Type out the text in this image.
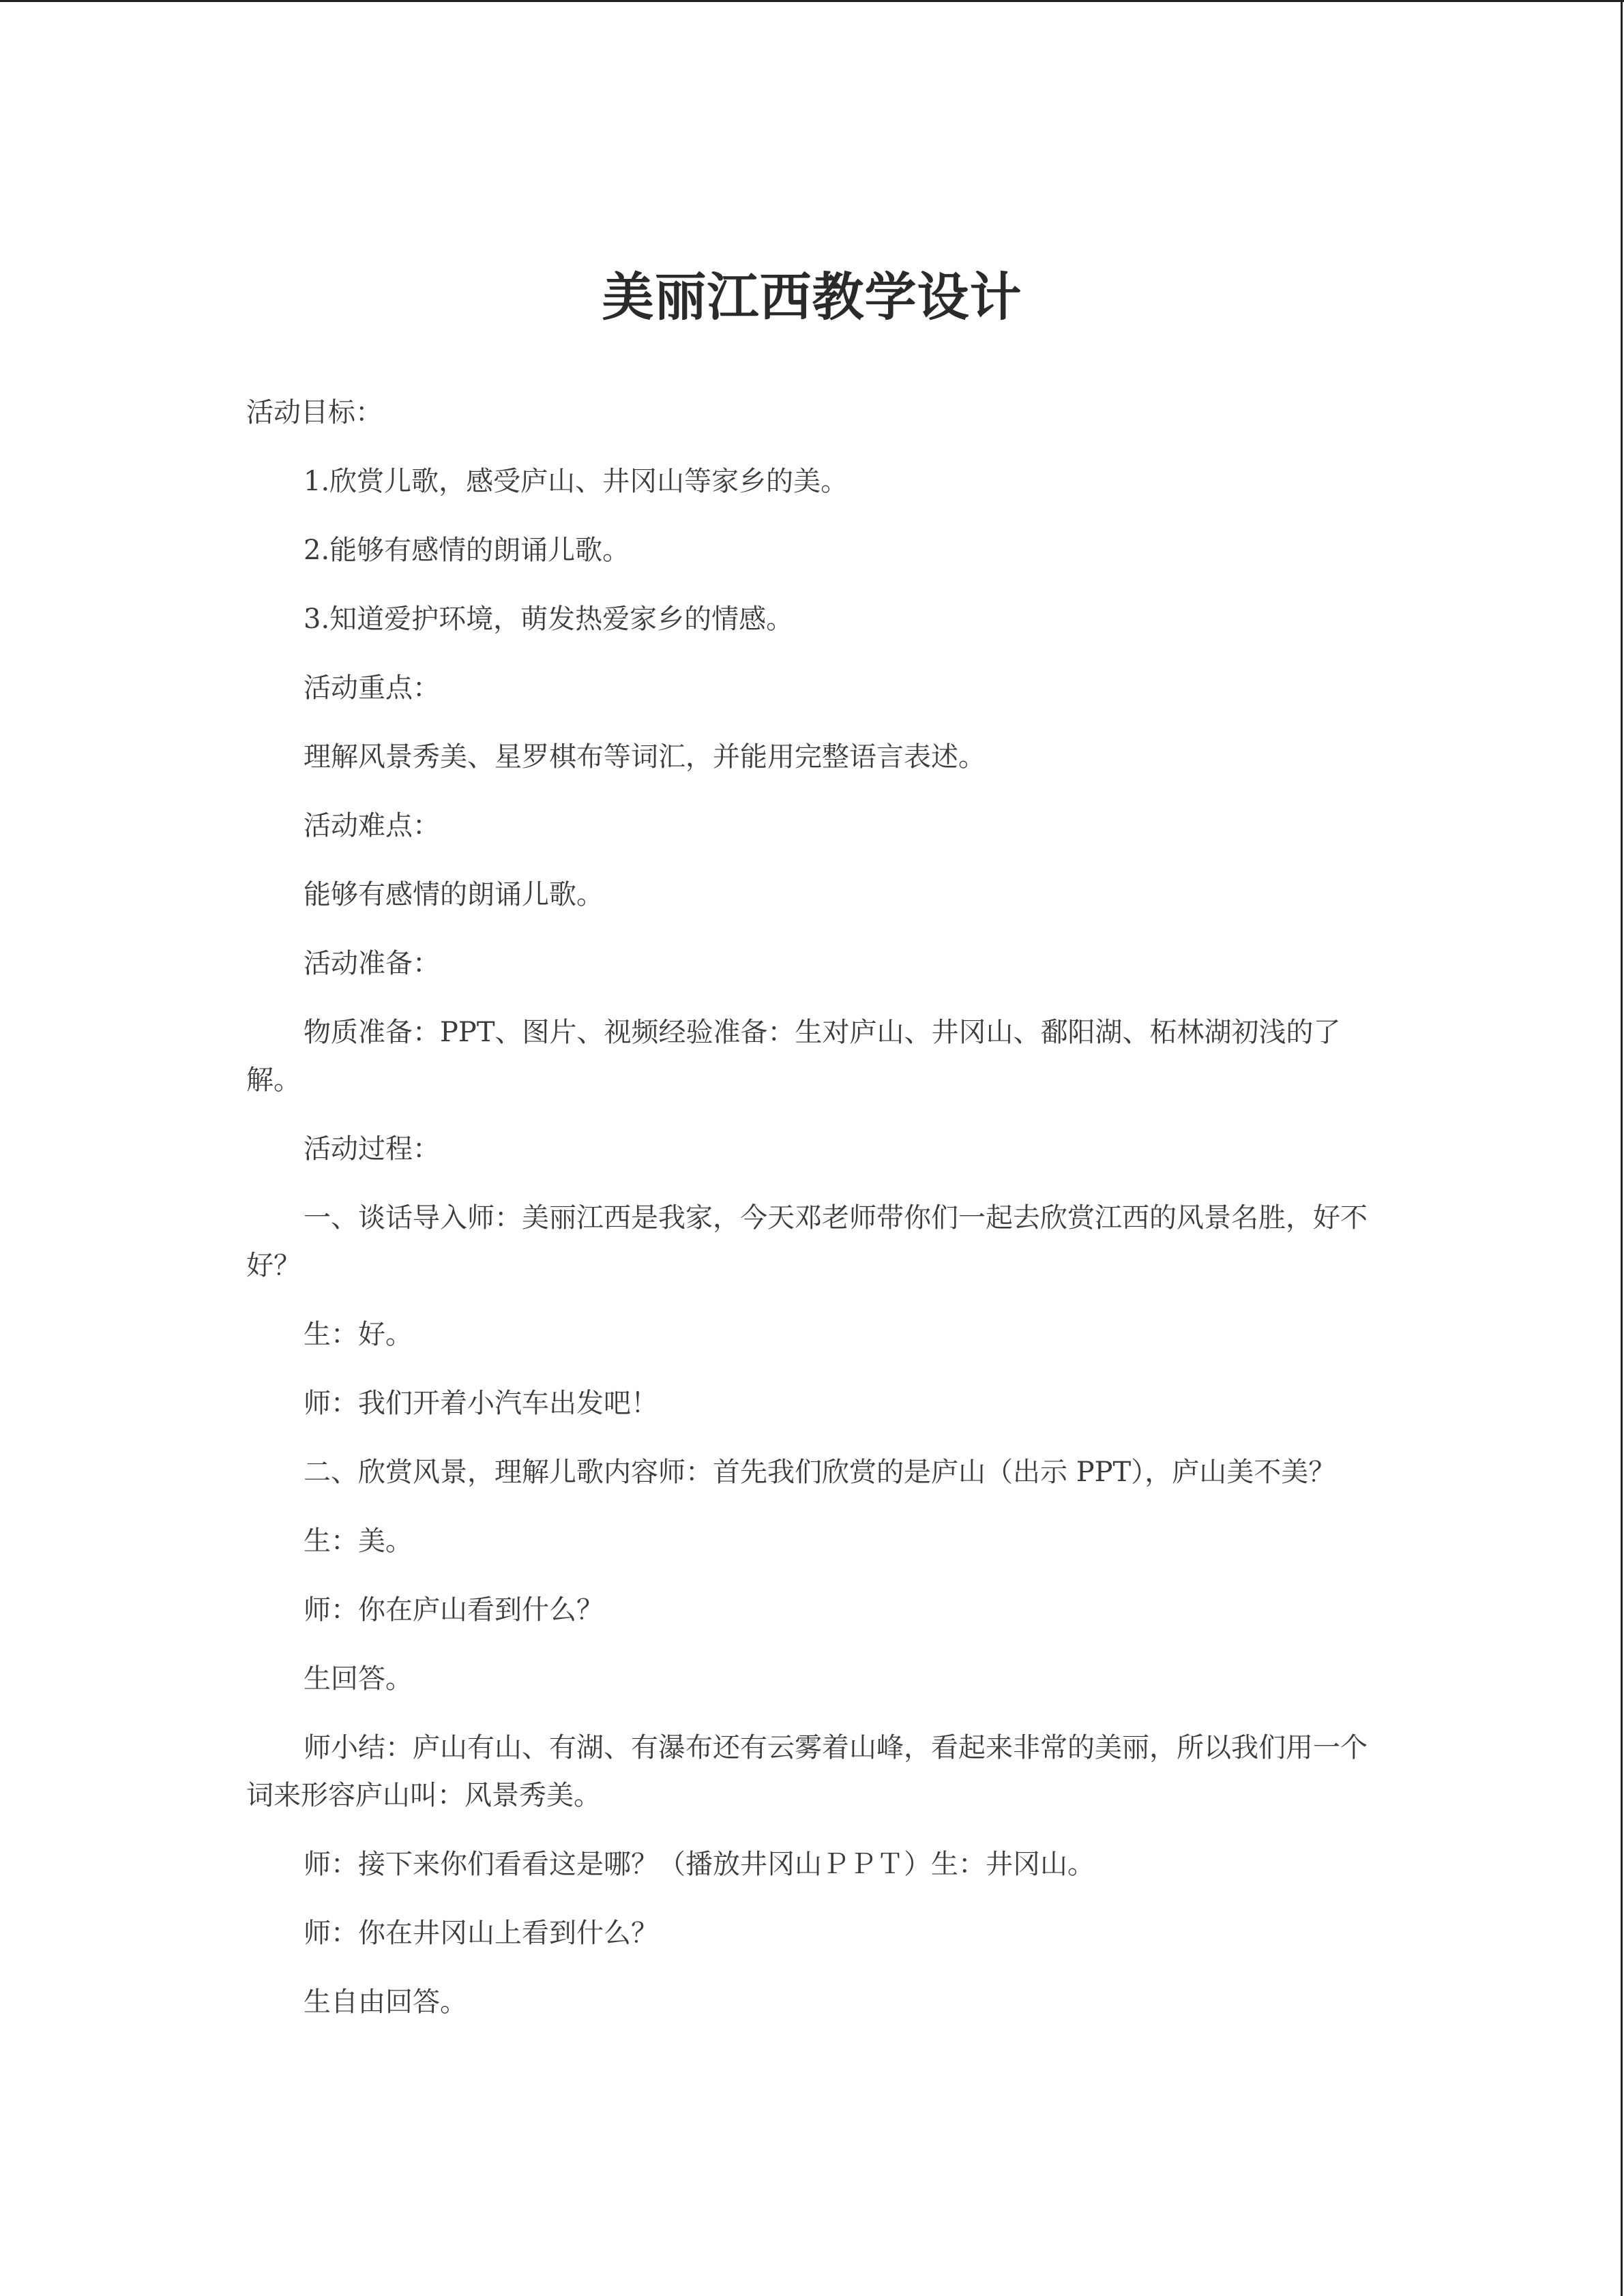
美丽江西教学设计

活动目标：

1.欣赏儿歌，感受庐山、井冈山等家乡的美。

2.能够有感情的朗诵儿歌。

3.知道爱护环境，萌发热爱家乡的情感。

活动重点：

理解风景秀美、星罗棋布等词汇，并能用完整语言表述。

活动难点：

能够有感情的朗诵儿歌。

活动准备：

物质准备：PPT、图片、视频经验准备：生对庐山、井冈山、鄱阳湖、柘林湖初浅的了解。

活动过程：

一、谈话导入师：美丽江西是我家，今天邓老师带你们一起去欣赏江西的风景名胜，好不好？

生：好。

师：我们开着小汽车出发吧！

二、欣赏风景，理解儿歌内容师：首先我们欣赏的是庐山（出示 PPT），庐山美不美？

生：美。

师：你在庐山看到什么？

生回答。

师小结：庐山有山、有湖、有瀑布还有云雾着山峰，看起来非常的美丽，所以我们用一个词来形容庐山叫：风景秀美。

师：接下来你们看看这是哪？（播放井冈山ＰＰＴ）生：井冈山。

师：你在井冈山上看到什么？

生自由回答。
